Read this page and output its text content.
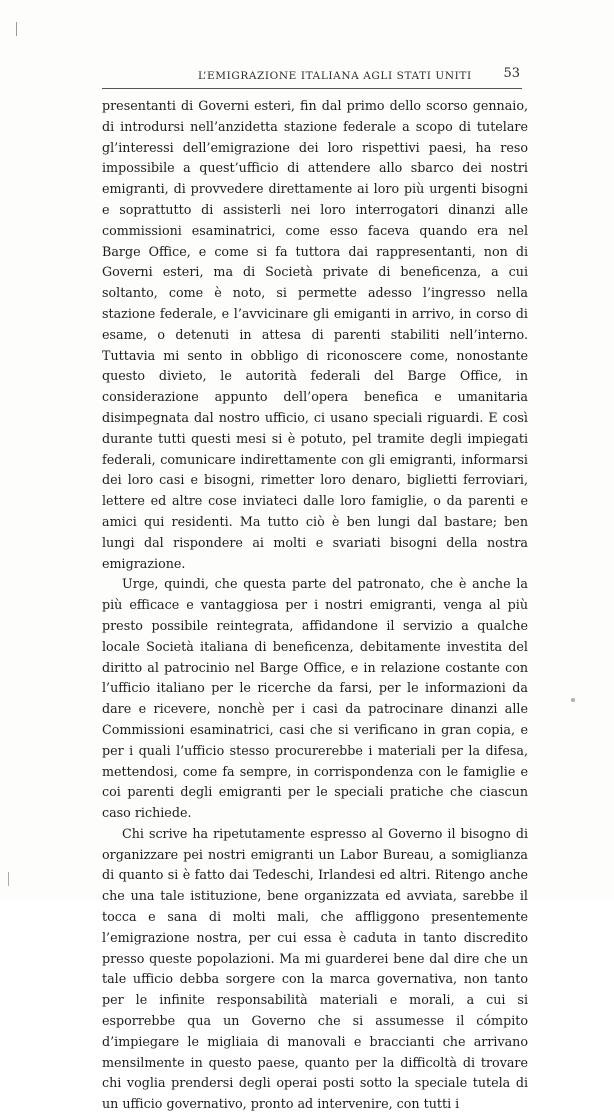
L’EMIGRAZIONE ITALIANA AGLI STATI UNITI 53

presentanti di Governi esteri, fin dal primo dello scorso gennaio, di introdursi nell’anzidetta stazione federale a scopo di tutelare gl’interessi dell’emigrazione dei loro rispettivi paesi, ha reso impossibile a quest’ufficio di attendere allo sbarco dei nostri emigranti, di provvedere direttamente ai loro più urgenti bisogni e soprattutto di assisterli nei loro interrogatori dinanzi alle commissioni esaminatrici, come esso faceva quando era nel Barge Office, e come si fa tuttora dai rappresentanti, non di Governi esteri, ma di Società private di beneficenza, a cui soltanto, come è noto, si permette adesso l’ingresso nella stazione federale, e l’avvicinare gli emiganti in arrivo, in corso di esame, o detenuti in attesa di parenti stabiliti nell’interno. Tuttavia mi sento in obbligo di riconoscere come, nonostante questo divieto, le autorità federali del Barge Office, in considerazione appunto dell’opera benefica e umanitaria disimpegnata dal nostro ufficio, ci usano speciali riguardi. E così durante tutti questi mesi si è potuto, pel tramite degli impiegati federali, comunicare indirettamente con gli emigranti, informarsi dei loro casi e bisogni, rimetter loro denaro, biglietti ferroviari, lettere ed altre cose inviateci dalle loro famiglie, o da parenti e amici qui residenti. Ma tutto ciò è ben lungi dal bastare; ben lungi dal rispondere ai molti e svariati bisogni della nostra emigrazione.

Urge, quindi, che questa parte del patronato, che è anche la più efficace e vantaggiosa per i nostri emigranti, venga al più presto possibile reintegrata, affidandone il servizio a qualche locale Società italiana di beneficenza, debitamente investita del diritto al patrocinio nel Barge Office, e in relazione costante con l’ufficio italiano per le ricerche da farsi, per le informazioni da dare e ricevere, nonchè per i casi da patrocinare dinanzi alle Commissioni esaminatrici, casi che si verificano in gran copia, e per i quali l’ufficio stesso procurerebbe i materiali per la difesa, mettendosi, come fa sempre, in corrispondenza con le famiglie e coi parenti degli emigranti per le speciali pratiche che ciascun caso richiede.

Chi scrive ha ripetutamente espresso al Governo il bisogno di organizzare pei nostri emigranti un Labor Bureau, a somiglianza di quanto si è fatto dai Tedeschi, Irlandesi ed altri. Ritengo anche che una tale istituzione, bene organizzata ed avviata, sarebbe il tocca e sana di molti mali, che affliggono presentemente l’emigrazione nostra, per cui essa è caduta in tanto discredito presso queste popolazioni. Ma mi guarderei bene dal dire che un tale ufficio debba sorgere con la marca governativa, non tanto per le infinite responsabilità materiali e morali, a cui si esporrebbe qua un Governo che si assumesse il cómpito d’impiegare le migliaia di manovali e braccianti che arrivano mensilmente in questo paese, quanto per la difficoltà di trovare chi voglia prendersi degli operai posti sotto la speciale tutela di un ufficio governativo, pronto ad intervenire, con tutti i
